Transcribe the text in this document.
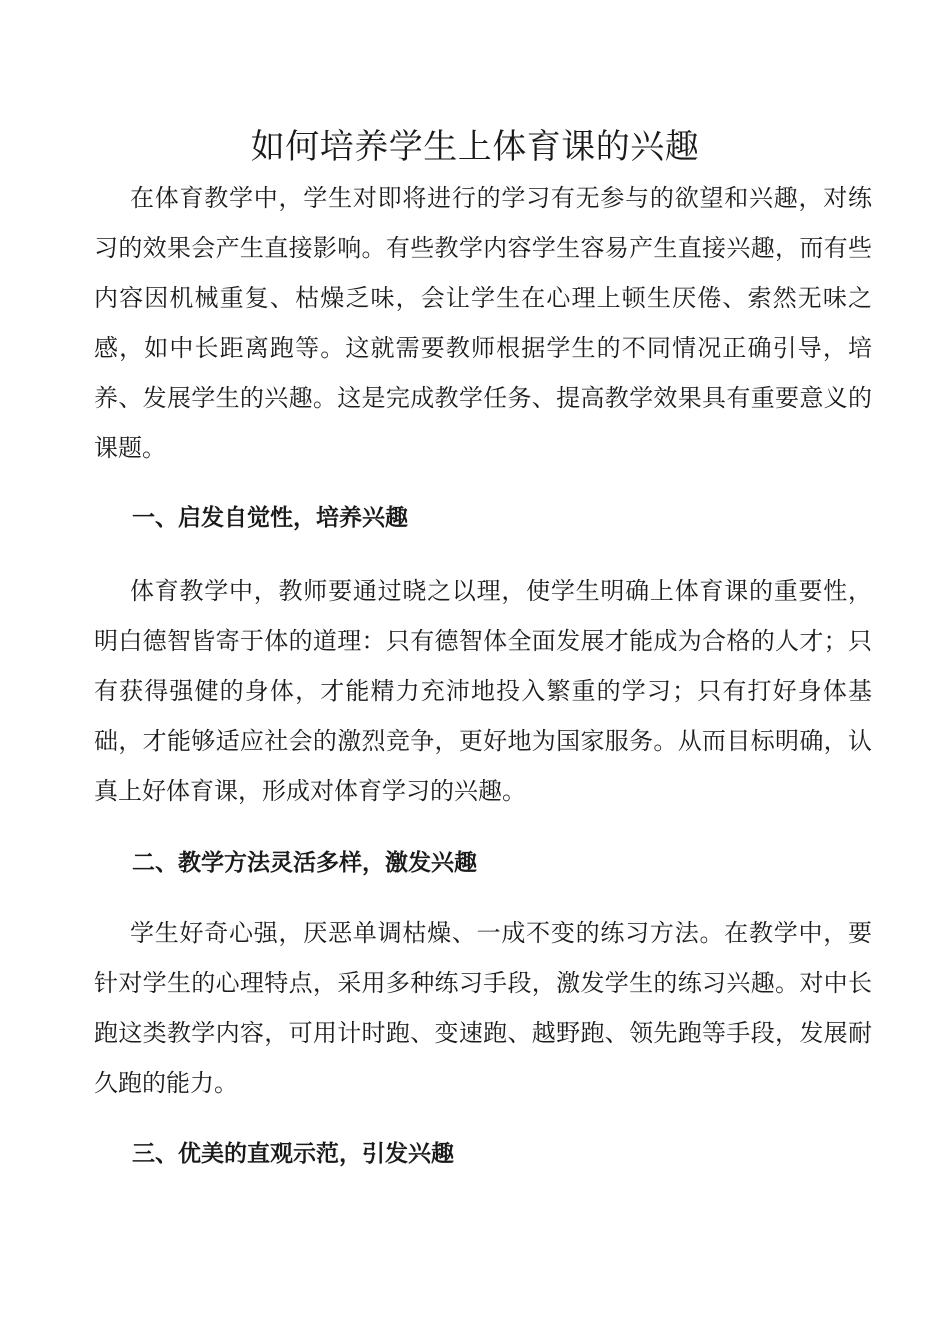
如何培养学生上体育课的兴趣

在体育教学中，学生对即将进行的学习有无参与的欲望和兴趣，对练习的效果会产生直接影响。有些教学内容学生容易产生直接兴趣，而有些内容因机械重复、枯燥乏味，会让学生在心理上顿生厌倦、索然无味之感，如中长距离跑等。这就需要教师根据学生的不同情况正确引导，培养、发展学生的兴趣。这是完成教学任务、提高教学效果具有重要意义的课题。

一、启发自觉性，培养兴趣

体育教学中，教师要通过晓之以理，使学生明确上体育课的重要性，明白德智皆寄于体的道理：只有德智体全面发展才能成为合格的人才；只有获得强健的身体，才能精力充沛地投入繁重的学习；只有打好身体基础，才能够适应社会的激烈竞争，更好地为国家服务。从而目标明确，认真上好体育课，形成对体育学习的兴趣。

二、教学方法灵活多样，激发兴趣

学生好奇心强，厌恶单调枯燥、一成不变的练习方法。在教学中，要针对学生的心理特点，采用多种练习手段，激发学生的练习兴趣。对中长跑这类教学内容，可用计时跑、变速跑、越野跑、领先跑等手段，发展耐久跑的能力。

三、优美的直观示范，引发兴趣
